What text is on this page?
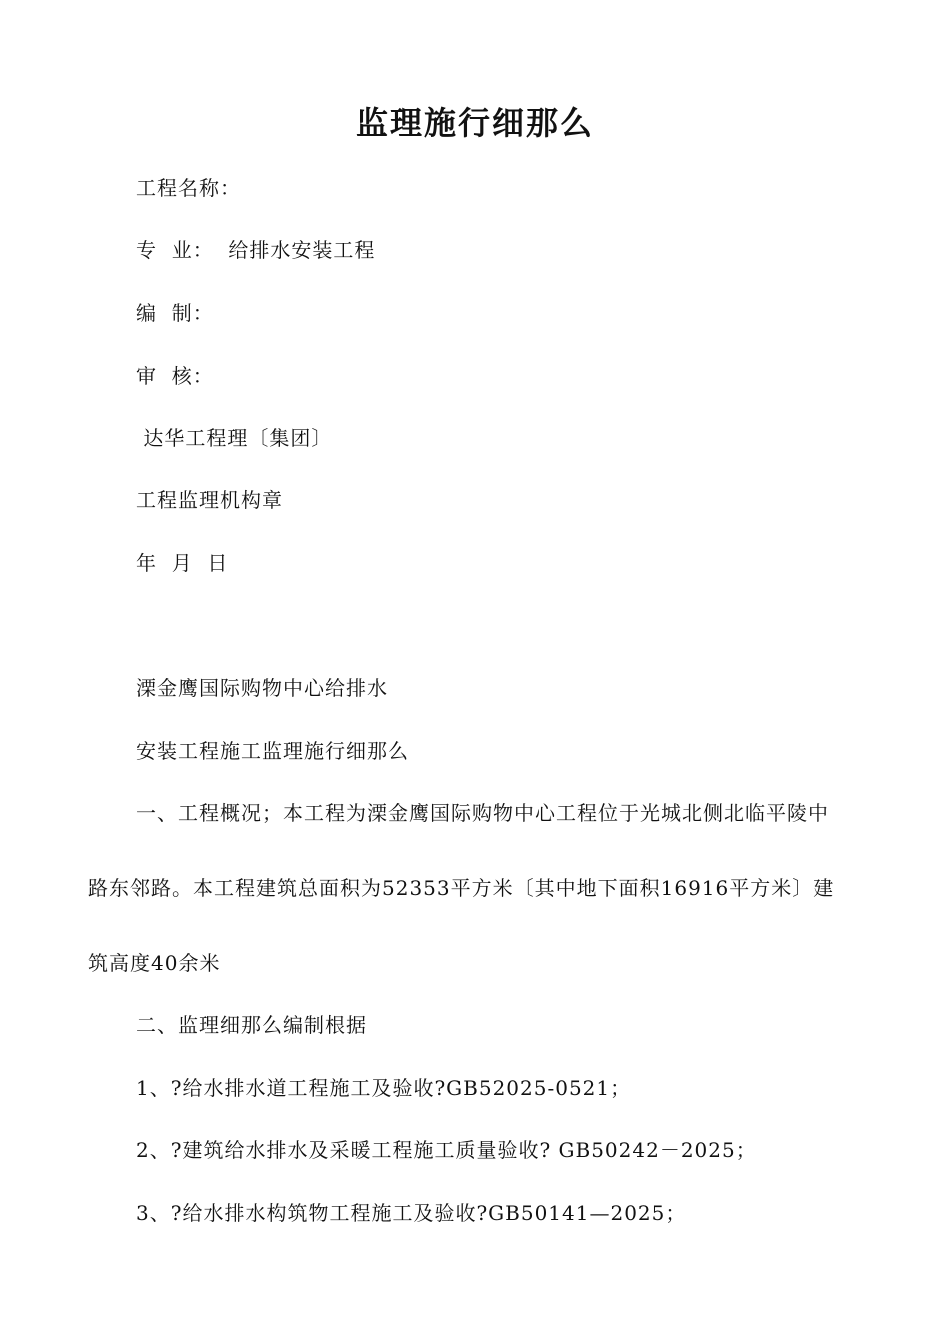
监理施行细那么
工程名称：
专  业：  给排水安装工程
编  制：
审  核：
达华工程理〔集团〕
工程监理机构章
年  月  日
溧金鹰国际购物中心给排水
安装工程施工监理施行细那么
一、工程概况；本工程为溧金鹰国际购物中心工程位于光城北侧北临平陵中
路东邻路。本工程建筑总面积为52353平方米〔其中地下面积16916平方米〕建
筑高度40余米
二、监理细那么编制根据
1、?给水排水道工程施工及验收?GB52025-0521；
2、?建筑给水排水及采暖工程施工质量验收? GB50242－2025；
3、?给水排水构筑物工程施工及验收?GB50141—2025；
